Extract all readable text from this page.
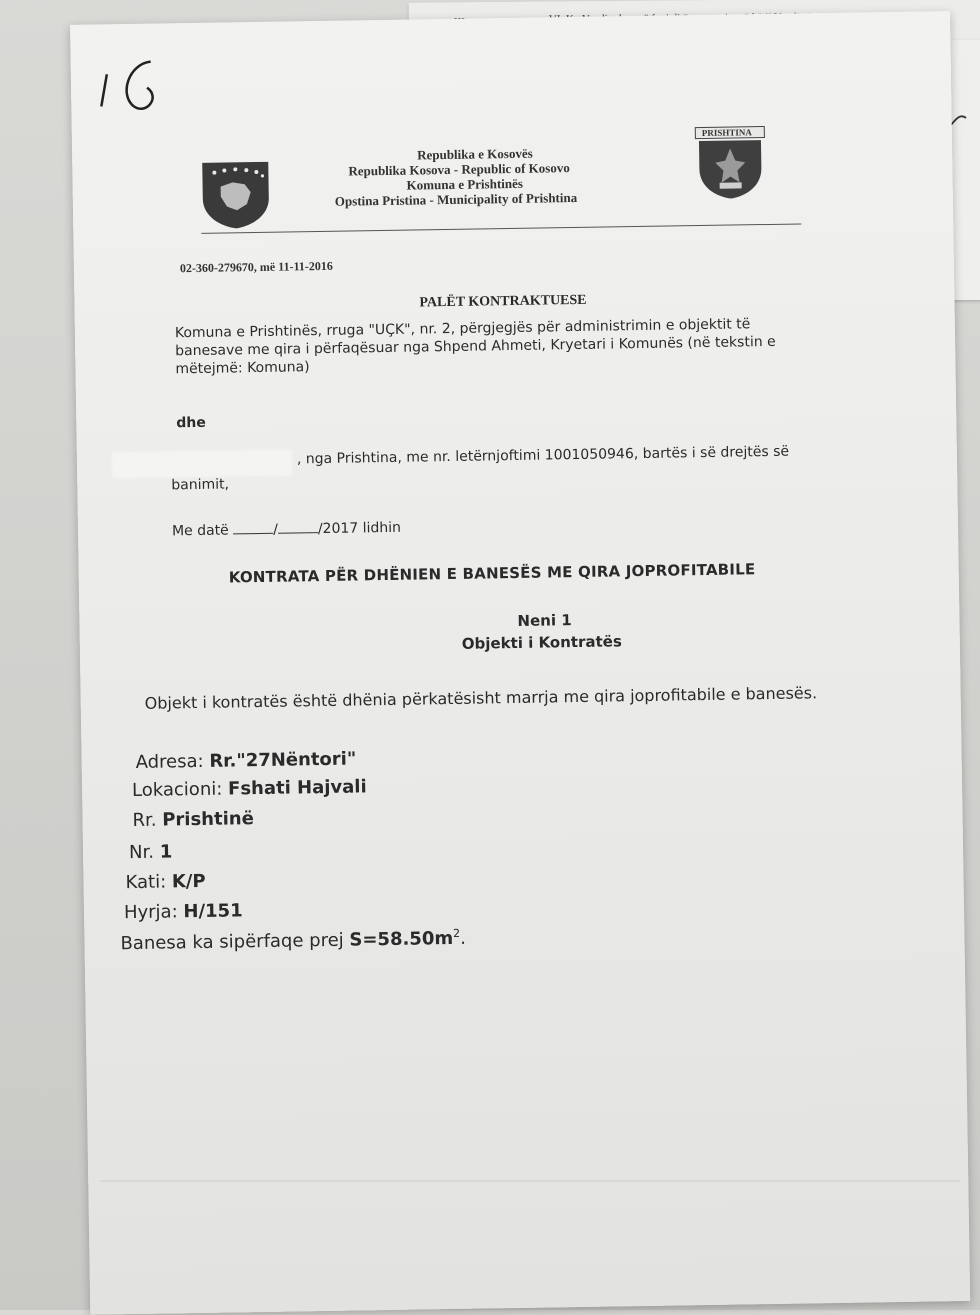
PRISHTINA
Republika e Kosovës
Republika Kosova - Republic of Kosovo
Komuna e Prishtinës
Opstina Pristina - Municipality of Prishtina

02-360-279670, më 11-11-2016
PALËT KONTRAKTUESE
Komuna e Prishtinës, rruga "UÇK", nr. 2, përgjegjës për administrimin e objektit të
banesave me qira i përfaqësuar nga Shpend Ahmeti, Kryetari i Komunës (në tekstin e
mëtejmë: Komuna)
dhe
, nga Prishtina, me nr. letërnjoftimi 1001050946, bartës i së drejtës së
banimit,
Me datë	/	/2017 lidhin
KONTRATA PËR DHËNIEN E BANESËS ME QIRA JOPROFITABILE
Neni 1
Objekti i Kontratës
Objekt i kontratës është dhënia përkatësisht marrja me qira joprofitabile e banesës.
Adresa: Rr."27Nëntori"
Lokacioni: Fshati Hajvali
Rr. Prishtinë
Nr. 1
Kati: K/P
Hyrja: H/151
Banesa ka sipërfaqe prej $S=58.50m^2$.
